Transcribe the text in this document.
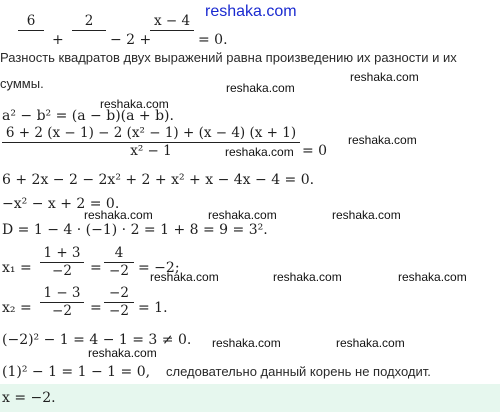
reshaka.com
6
+
2
− 2 +
x − 4
= 0.
Разность квадратов двух выражений равна произведению их разности и их
reshaka.com
суммы.	reshaka.com
reshaka.com
a² − b² = (a − b)(a + b).
6 + 2 (x − 1) − 2 (x² − 1) + (x − 4) (x + 1)
x² − 1	= 0
reshaka.com
reshaka.com
6 + 2x − 2 − 2x² + 2 + x² + x − 4x − 4 = 0.
−x² − x + 2 = 0.
reshaka.com	reshaka.com	reshaka.com
D = 1 − 4 · (−1) · 2 = 1 + 8 = 9 = 3².
x₁ =
1 + 3
−2	=
4
−2 = −2;
reshaka.com	reshaka.com	reshaka.com
x₂ =
1 − 3
−2	=
−2
−2 = 1.
(−2)² − 1 = 4 − 1 = 3 ≠ 0. reshaka.com	reshaka.com
reshaka.com
(1)² − 1 = 1 − 1 = 0, следовательно данный корень не подходит.
x = −2.
